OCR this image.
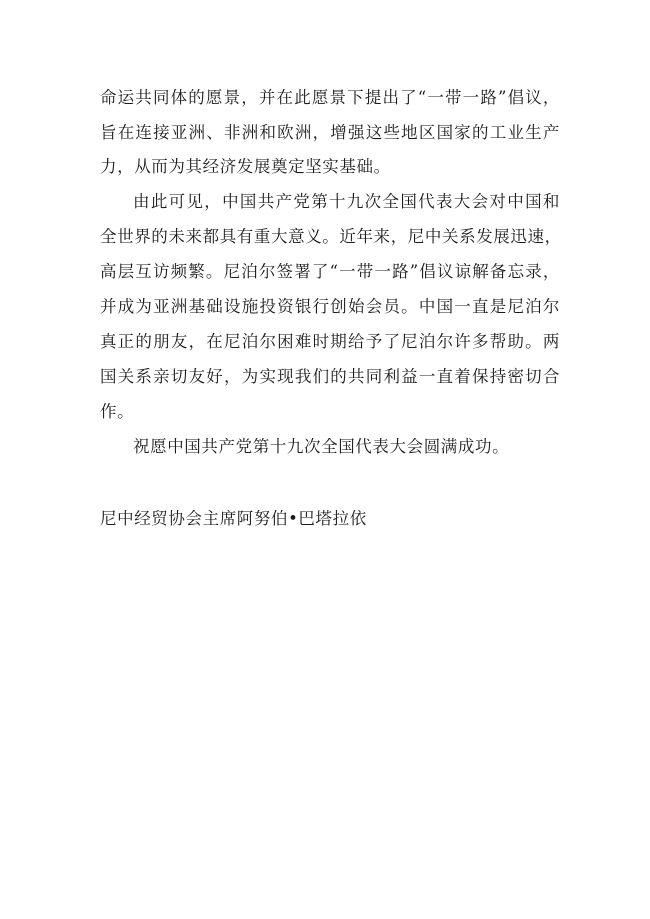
命运共同体的愿景，并在此愿景下提出了“一带一路”倡议，
旨在连接亚洲、非洲和欧洲，增强这些地区国家的工业生产
力，从而为其经济发展奠定坚实基础。
由此可见，中国共产党第十九次全国代表大会对中国和
全世界的未来都具有重大意义。近年来，尼中关系发展迅速，
高层互访频繁。尼泊尔签署了“一带一路”倡议谅解备忘录，
并成为亚洲基础设施投资银行创始会员。中国一直是尼泊尔
真正的朋友，在尼泊尔困难时期给予了尼泊尔许多帮助。两
国关系亲切友好，为实现我们的共同利益一直着保持密切合
作。
祝愿中国共产党第十九次全国代表大会圆满成功。
尼中经贸协会主席阿努伯•巴塔拉依
